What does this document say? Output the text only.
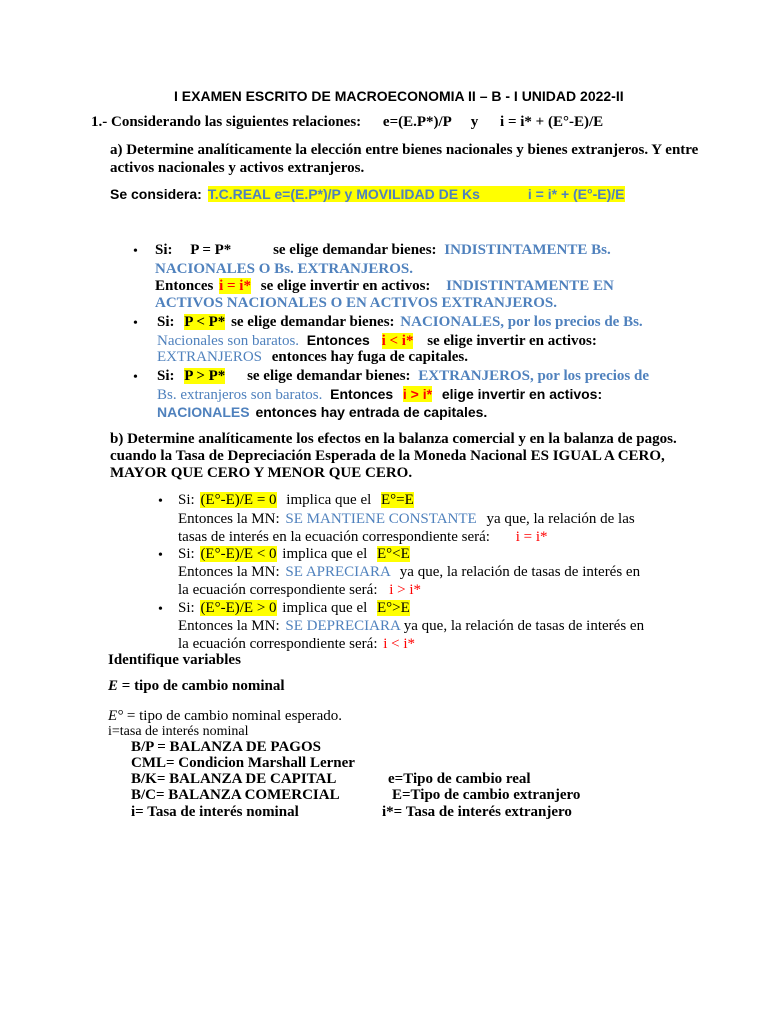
I EXAMEN ESCRITO DE MACROECONOMIA II – B - I UNIDAD 2022-II
1.- Considerando las siguientes relaciones: e=(E.P*)/P y i = i* + (E°-E)/E
a) Determine analíticamente la elección entre bienes nacionales y bienes extranjeros. Y entre
activos nacionales y activos extranjeros.
Se considera: T.C.REAL e=(E.P*)/P y MOVILIDAD DE Ks	i = i* + (E°-E)/E
• Si: P = P*	se elige demandar bienes: INDISTINTAMENTE Bs.
NACIONALES O Bs. EXTRANJEROS.
Entonces i = i* se elige invertir en activos: INDISTINTAMENTE EN
ACTIVOS NACIONALES O EN ACTIVOS EXTRANJEROS.
• Si: P < P* se elige demandar bienes: NACIONALES, por los precios de Bs.
Nacionales son baratos. Entonces i < i* se elige invertir en activos:
EXTRANJEROS entonces hay fuga de capitales.
• Si: P > P* se elige demandar bienes: EXTRANJEROS, por los precios de
Bs. extranjeros son baratos. Entonces i > i* elige invertir en activos:
NACIONALES entonces hay entrada de capitales.
b) Determine analíticamente los efectos en la balanza comercial y en la balanza de pagos.
cuando la Tasa de Depreciación Esperada de la Moneda Nacional ES IGUAL A CERO,
MAYOR QUE CERO Y MENOR QUE CERO.
• Si: (E°-E)/E = 0 implica que el E°=E
Entonces la MN: SE MANTIENE CONSTANTE ya que, la relación de las
tasas de interés en la ecuación correspondiente será: i = i*
• Si: (E°-E)/E < 0 implica que el E°<E
Entonces la MN: SE APRECIARA ya que, la relación de tasas de interés en
la ecuación correspondiente será: i > i*
• Si: (E°-E)/E > 0 implica que el E°>E
Entonces la MN: SE DEPRECIARA ya que, la relación de tasas de interés en
la ecuación correspondiente será: i < i*
Identifique variables
E = tipo de cambio nominal
E° = tipo de cambio nominal esperado.
i=tasa de interés nominal
B/P = BALANZA DE PAGOS
CML= Condicion Marshall Lerner
B/K= BALANZA DE CAPITAL	e=Tipo de cambio real
B/C= BALANZA COMERCIAL	E=Tipo de cambio extranjero
i= Tasa de interés nominal	i*= Tasa de interés extranjero
